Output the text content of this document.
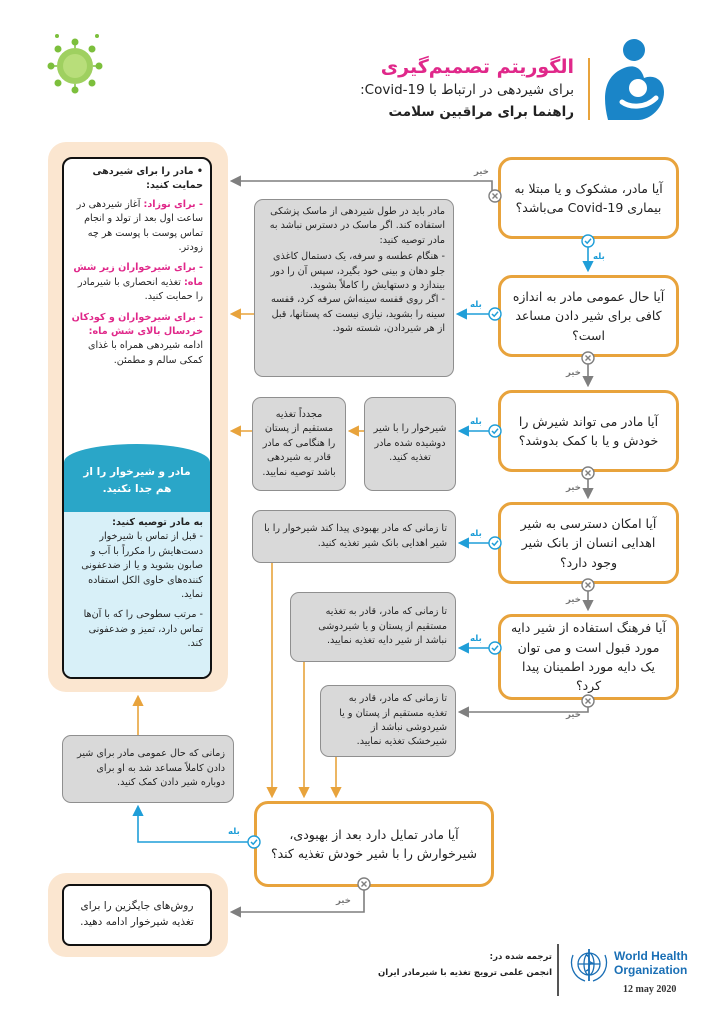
الگوریتم تصمیم‌گیری
برای شیردهی در ارتباط با Covid-19:
راهنما برای مراقبین سلامت
• مادر را برای شیردهی حمایت کنید:
- برای نوزاد: آغاز شیردهی در ساعت اول بعد از تولد و انجام تماس پوست با پوست هر چه زودتر.
- برای شیرخواران زیر شش ماه: تغذیه انحصاری با شیرمادر را حمایت کنید.
- برای شیرخواران و کودکان خردسال بالای شش ماه: ادامه شیردهی همراه با غذای کمکی سالم و مطمئن.
مادر و شیرخوار را از هم جدا نکنید.
به مادر توصیه کنید:
- قبل از تماس با شیرخوار دست‌هایش را مکرراً با آب و صابون بشوید و یا از ضدعفونی کننده‌های حاوی الکل استفاده نماید.
- مرتب سطوحی را که با آن‌ها تماس دارد، تمیز و ضدعفونی کند.
روش‌های جایگزین را برای تغذیه شیرخوار ادامه دهید.
آیا مادر، مشکوک و یا مبتلا به بیماری Covid-19 می‌باشد؟
آیا حال عمومی مادر به اندازه کافی برای شیر دادن مساعد است؟
آیا مادر می تواند شیرش را خودش و یا با کمک بدوشد؟
آیا امکان دسترسی به شیر اهدایی انسان از بانک شیر وجود دارد؟
آیا فرهنگ استفاده از شیر دایه مورد قبول است و می توان یک دایه مورد اطمینان پیدا کرد؟
آیا مادر تمایل دارد بعد از بهبودی، شیرخوارش را با شیر خودش تغذیه کند؟
مادر باید در طول شیردهی از ماسک پزشکی استفاده کند. اگر ماسک در دسترس نباشد به مادر توصیه کنید:
- هنگام عطسه و سرفه، یک دستمال کاغذی جلو دهان و بینی خود بگیرد، سپس آن را دور بیندازد و دستهایش را کاملاً بشوید.
- اگر روی قفسه سینه‌اش سرفه کرد، قفسه سینه را بشوید، نیازی نیست که پستانها، قبل از هر شیردادن، شسته شود.
شیرخوار را با شیر دوشیده شده مادر تغذیه کنید.
مجدداً تغذیه مستقیم از پستان را هنگامی که مادر قادر به شیردهی باشد توصیه نمایید.
تا زمانی که مادر بهبودی پیدا کند شیرخوار را با شیر اهدایی بانک شیر تغذیه کنید.
تا زمانی که مادر، قادر به تغذیه مستقیم از پستان و یا شیردوشی نباشد از شیر دایه تغذیه نمایید.
تا زمانی که مادر، قادر به تغذیه مستقیم از پستان و یا شیردوشی نباشد از شیرخشک تغذیه نمایید.
زمانی که حال عمومی مادر برای شیر دادن کاملاً مساعد شد به او برای دوباره شیر دادن کمک کنید.
خیر
بله
بله
خیر
بله
خیر
بله
خیر
بله
خیر
بله
خیر
ترجمه شده در:
انجمن علمی ترویج تغذیه با شیرمادر ایران
World Health
Organization
12 may 2020
